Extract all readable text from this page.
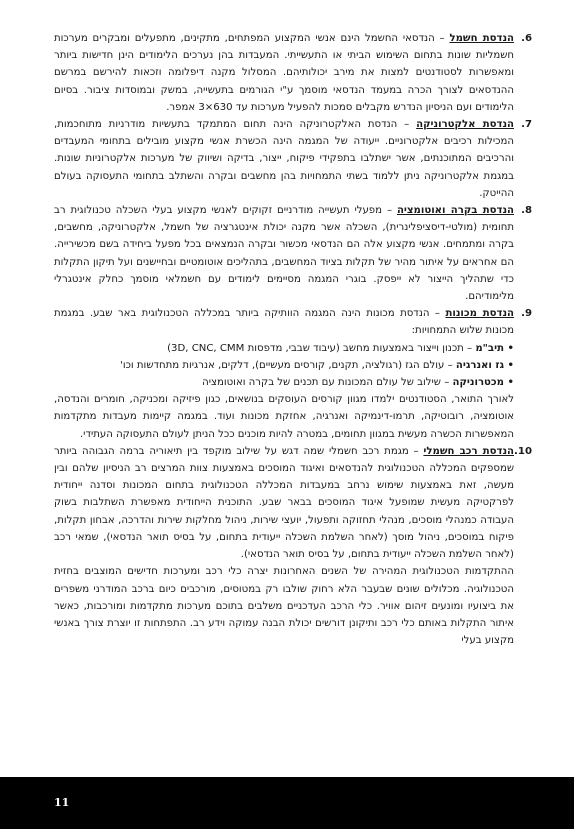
6.
הנדסת חשמל – הנדסאי החשמל הינם אנשי המקצוע המפתחים, מתקינים, מתפעלים ומבקרים מערכות חשמליות שונות בתחום השימוש הביתי או התעשייתי. המעבדות בהן נערכים הלימודים הינן חדישות ביותר ומאפשרות לסטודנטים למצות את מירב יכולותיהם. המסלול מקנה דיפלומה וזכאות להירשם במרשם ההנדסאים לצורך הכרה במעמד הנדסאי מוסמך ע"י הגורמים בתעשייה, במשק ובמוסדות ציבור. בסיום הלימודים ועם הניסיון הנדרש מקבלים סמכות להפעיל מערכות עד 630×3 אמפר.
7.
הנדסת אלקטרוניקה – הנדסת האלקטרוניקה הינה תחום המתמקד בתעשיות מודרניות מתוחכמות, המכילות רכיבים אלקטרוניים. ייעודה של המגמה הינה הכשרת אנשי מקצוע מובילים בתחומי המעבדים והרכיבים המתוכנתים, אשר ישתלבו בתפקידי פיקוח, ייצור, בדיקה ושיווק של מערכות אלקטרוניות שונות. במגמת אלקטרוניקה ניתן ללמוד בשתי התמחויות בהן מחשבים ובקרה והשתלב בתחומי התעסוקה בעולם ההייטק.
8.
הנדסת בקרה ואוטומציה – מפעלי תעשייה מודרניים זקוקים לאנשי מקצוע בעלי השכלה טכנולוגית רב תחומית (מולטי-דיסציפלינרית), השכלה אשר מקנה יכולת אינטגרציה של חשמל, אלקטרוניקה, מחשבים, בקרה ומתמחים. אנשי מקצוע אלה הם הנדסאי מכשור ובקרה הנמצאים בכל מפעל ביחידה בשם מכשירייה. הם אחראים על איתור מהיר של תקלות בציוד המחשבים, בתהליכים אוטומטיים ובחיישנים ועל תיקון התקלות כדי שתהליך הייצור לא ייפסק. בוגרי המגמה מסיימים לימודים עם חשמלאי מוסמך כחלק אינטגרלי מלימודיהם.
9.
הנדסת מכונות – הנדסת מכונות הינה המגמה הוותיקה ביותר במכללה הטכנולוגית באר שבע. במגמת מכונות שלוש התמחויות:
• תיב"מ – תכנון וייצור באמצעות מחשב (עיבוד שבבי, מדפסות 3D, CNC, CMM)
• גז ואנרגיה – עולם הגז (רגולציה, תקנים, קורסים מעשיים), דלקים, אנרגיות מתחדשות וכו'
• מכטרוניקה – שילוב של עולם המכונות עם תכנים של בקרה ואוטומציה
לאורך התואר, הסטודנטים ילמדו מגוון קורסים העוסקים בנושאים, כגון פיזיקה ומכניקה, חומרים והנדסה, אוטומציה, רובוטיקה, תרמו-דינמיקה ואנרגיה, אחזקת מכונות ועוד. במגמה קיימות מעבדות מתקדמות המאפשרות הכשרה מעשית במגוון תחומים, במטרה להיות מוכנים ככל הניתן לעולם התעסוקה העתידי.
10.
הנדסת רכב חשמלי – מגמת רכב חשמלי שמה דגש על שילוב מוקפד בין תיאוריה ברמה הגבוהה ביותר שמספקים המכללה הטכנולוגית להנדסאים ואיגוד המוסכים באמצעות צוות המרצים רב הניסיון שלהם ובין מעשה, זאת באמצעות שימוש נרחב במעבדות המכללה הטכנולוגית בתחום המכונות וסדנה ייחודית לפרקטיקה מעשית שמופעל איגוד המוסכים בבאר שבע. התוכנית הייחודית מאפשרת השתלבות בשוק העבודה כמנהלי מוסכים, מנהלי תחזוקה ותפעול, יועצי שירות, ניהול מחלקות שירות והדרכה, אבחון תקלות, פיקוח במוסכים, ניהול מוסך (לאחר השלמת השכלה ייעודית בתחום, על בסיס תואר הנדסאי), שמאי רכב (לאחר השלמת השכלה ייעודית בתחום, על בסיס תואר הנדסאי).
ההתקדמות הטכנולוגית המהירה של השנים האחרונות יצרה כלי רכב ומערכות חדישים המוצבים בחזית הטכנולוגיה. מכלולים שונים שבעבר הלא רחוק שולבו רק במטוסים, מורכבים כיום ברכב המודרני משפרים את ביצועיו ומונעים זיהום אוויר. כלי הרכב העדכניים משלבים בתוכם מערכות מתקדמות ומורכבות, כאשר איתור התקלות באותם כלי רכב ותיקונן דורשים יכולת הבנה עמוקה וידע רב. התפתחות זו יוצרת צורך באנשי מקצוע בעלי
11
